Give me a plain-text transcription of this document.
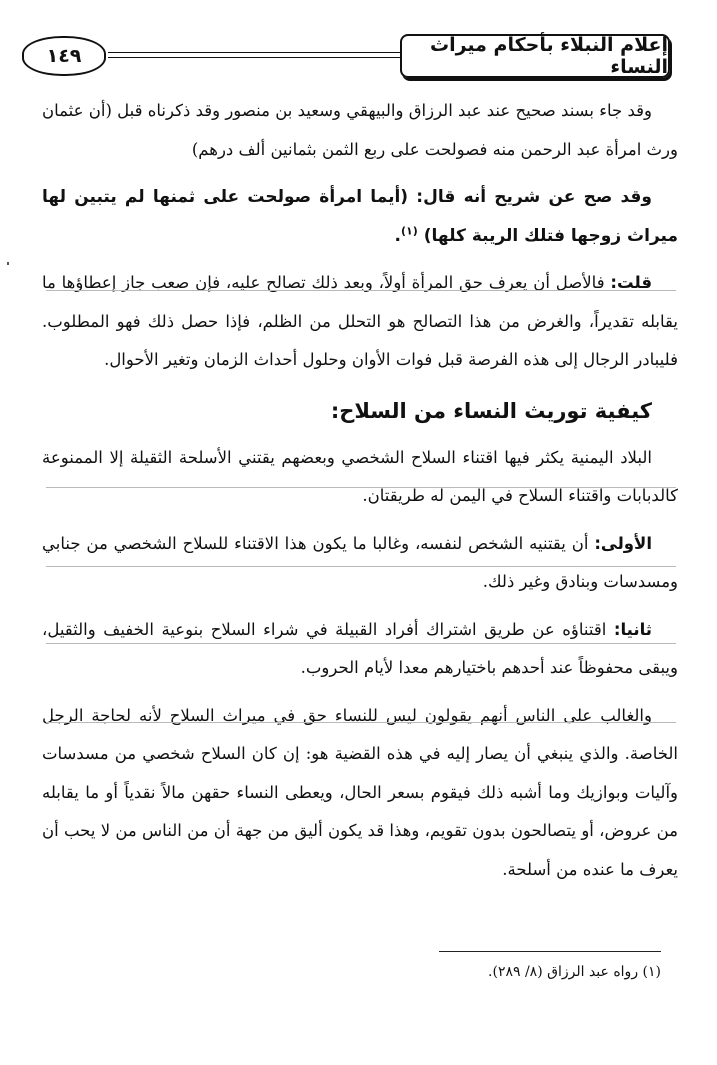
إعلام النبلاء بأحكام ميراث النساء
١٤٩

وقد جاء بسند صحيح عند عبد الرزاق والبيهقي وسعيد بن منصور وقد ذكرناه قبل (أن عثمان ورث امرأة عبد الرحمن منه فصولحت على ربع الثمن بثمانين ألف درهم)

وقد صح عن شريح أنه قال: (أيما امرأة صولحت على ثمنها لم يتبين لها ميراث زوجها فتلك الريبة كلها) $^{(١)}$.

قلت: فالأصل أن يعرف حق المرأة أولاً، وبعد ذلك تصالح عليه، فإن صعب جاز إعطاؤها ما يقابله تقديراً، والغرض من هذا التصالح هو التحلل من الظلم، فإذا حصل ذلك فهو المطلوب. فليبادر الرجال إلى هذه الفرصة قبل فوات الأوان وحلول أحداث الزمان وتغير الأحوال.

كيفية توريث النساء من السلاح:

البلاد اليمنية يكثر فيها اقتناء السلاح الشخصي وبعضهم يقتني الأسلحة الثقيلة إلا الممنوعة كالدبابات واقتناء السلاح في اليمن له طريقتان.

الأولى: أن يقتنيه الشخص لنفسه، وغالبا ما يكون هذا الاقتناء للسلاح الشخصي من جنابي ومسدسات وبنادق وغير ذلك.

ثانيا: اقتناؤه عن طريق اشتراك أفراد القبيلة في شراء السلاح بنوعية الخفيف والثقيل، ويبقى محفوظاً عند أحدهم باختيارهم معدا لأيام الحروب.

والغالب على الناس أنهم يقولون ليس للنساء حق في ميراث السلاح لأنه لحاجة الرجل الخاصة. والذي ينبغي أن يصار إليه في هذه القضية هو: إن كان السلاح شخصي من مسدسات وآليات وبوازيك وما أشبه ذلك فيقوم بسعر الحال، ويعطى النساء حقهن مالاً نقدياً أو ما يقابله من عروض، أو يتصالحون بدون تقويم، وهذا قد يكون أليق من جهة أن من الناس من لا يحب أن يعرف ما عنده من أسلحة.

(١) رواه عبد الرزاق (٨/ ٢٨٩).
